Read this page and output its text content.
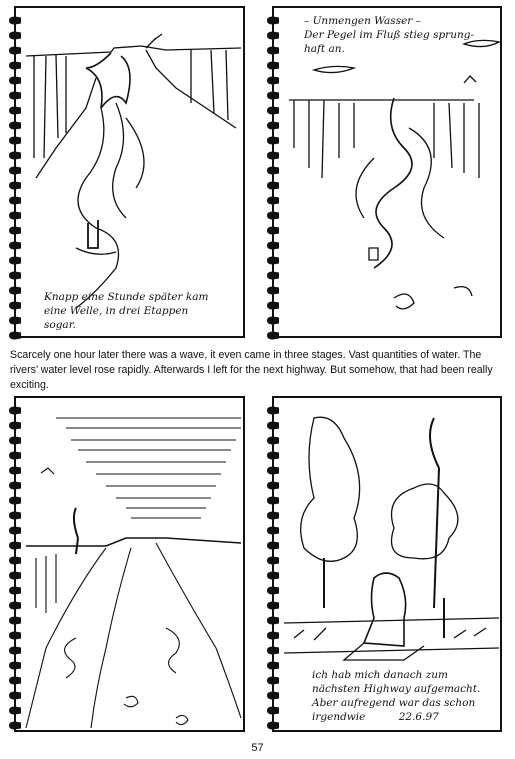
Knapp eine Stunde später kam
eine Welle, in drei Etappen
sogar.
– Unmengen Wasser –
Der Pegel im Fluß stieg sprung-
haft an.
Scarcely one hour later there was a wave, it even came in three stages. Vast quantities of water. The rivers’ water level rose rapidly. Afterwards I left for the next highway. But somehow, that had been really exciting.
ich hab mich danach zum
nächsten Highway aufgemacht.
Aber aufregend war das schon
irgendwie          22.6.97
57
